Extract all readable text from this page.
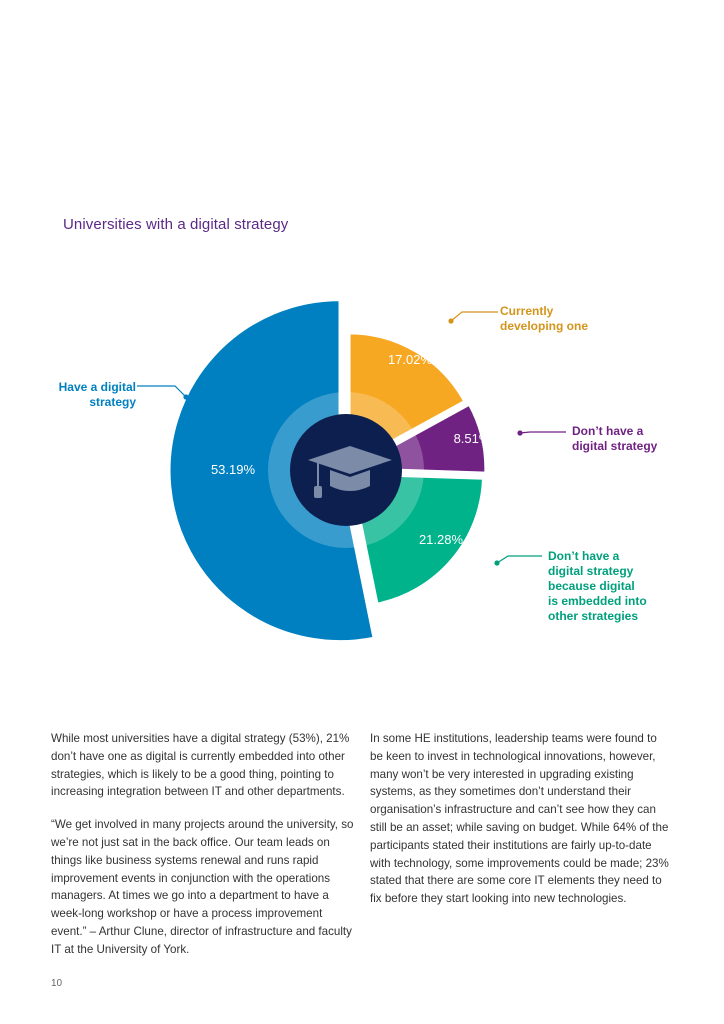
Universities with a digital strategy
53.19%
17.02%
8.51%
21.28%
Have a digital
strategy
Currently
developing one
Don’t have a
digital strategy
Don’t have a
digital strategy
because digital
is embedded into
other strategies

While most universities have a digital strategy (53%), 21% don’t have one as digital is currently embedded into other strategies, which is likely to be a good thing, pointing to increasing integration between IT and other departments.

“We get involved in many projects around the university, so we’re not just sat in the back office. Our team leads on things like business systems renewal and runs rapid improvement events in conjunction with the operations managers. At times we go into a department to have a week-long workshop or have a process improvement event.” – Arthur Clune, director of infrastructure and faculty IT at the University of York.

In some HE institutions, leadership teams were found to be keen to invest in technological innovations, however, many won’t be very interested in upgrading existing systems, as they sometimes don’t understand their organisation’s infrastructure and can’t see how they can still be an asset; while saving on budget. While 64% of the participants stated their institutions are fairly up-to-date with technology, some improvements could be made; 23% stated that there are some core IT elements they need to fix before they start looking into new technologies.

10
